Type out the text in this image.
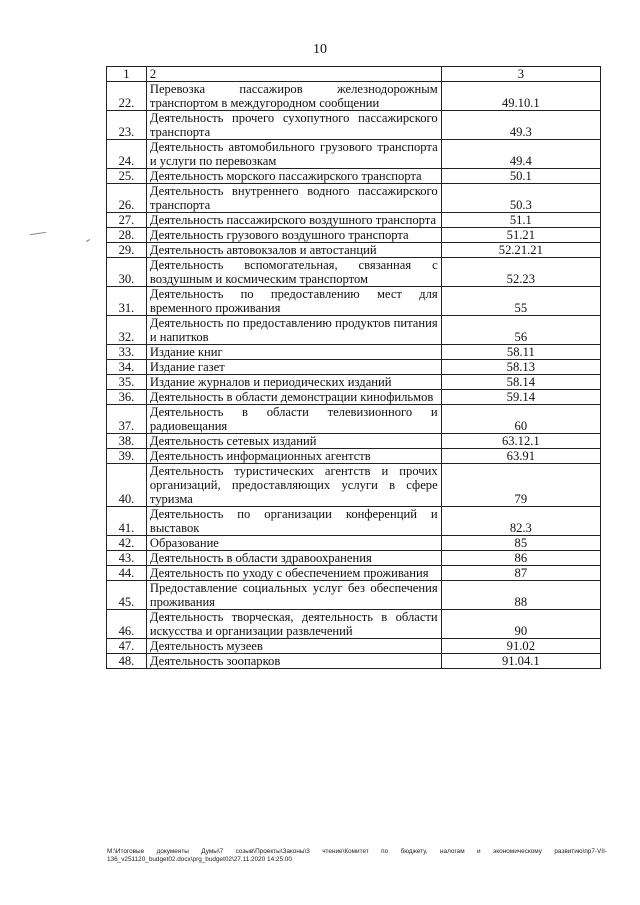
10
1	2	3
22.	Перевозка пассажиров железнодорожным транспортом в междугородном сообщении	49.10.1
23.	Деятельность прочего сухопутного пассажирского транспорта	49.3
24.	Деятельность автомобильного грузового транспорта и услуги по перевозкам	49.4
25.	Деятельность морского пассажирского транспорта	50.1
26.	Деятельность внутреннего водного пассажирского транспорта	50.3
27.	Деятельность пассажирского воздушного транспорта	51.1
28.	Деятельность грузового воздушного транспорта	51.21
29.	Деятельность автовокзалов и автостанций	52.21.21
30.	Деятельность вспомогательная, связанная с воздушным и космическим транспортом	52.23
31.	Деятельность по предоставлению мест для временного проживания	55
32.	Деятельность по предоставлению продуктов питания и напитков	56
33.	Издание книг	58.11
34.	Издание газет	58.13
35.	Издание журналов и периодических изданий	58.14
36.	Деятельность в области демонстрации кинофильмов	59.14
37.	Деятельность в области телевизионного и радиовещания	60
38.	Деятельность сетевых изданий	63.12.1
39.	Деятельность информационных агентств	63.91
40.	Деятельность туристических агентств и прочих организаций, предоставляющих услуги в сфере туризма	79
41.	Деятельность по организации конференций и выставок	82.3
42.	Образование	85
43.	Деятельность в области здравоохранения	86
44.	Деятельность по уходу с обеспечением проживания	87
45.	Предоставление социальных услуг без обеспечения проживания	88
46.	Деятельность творческая, деятельность в области искусства и организации развлечений	90
47.	Деятельность музеев	91.02
48.	Деятельность зоопарков	91.04.1
M:\Итоговые документы Думы\7 созыв\Проекты\Законы\3 чтение\Комитет по бюджету, налогам и экономическому развитию\пр7-VII-136_v251120_budget02.docx\prg_budget02\27.11.2020 14:25:00
